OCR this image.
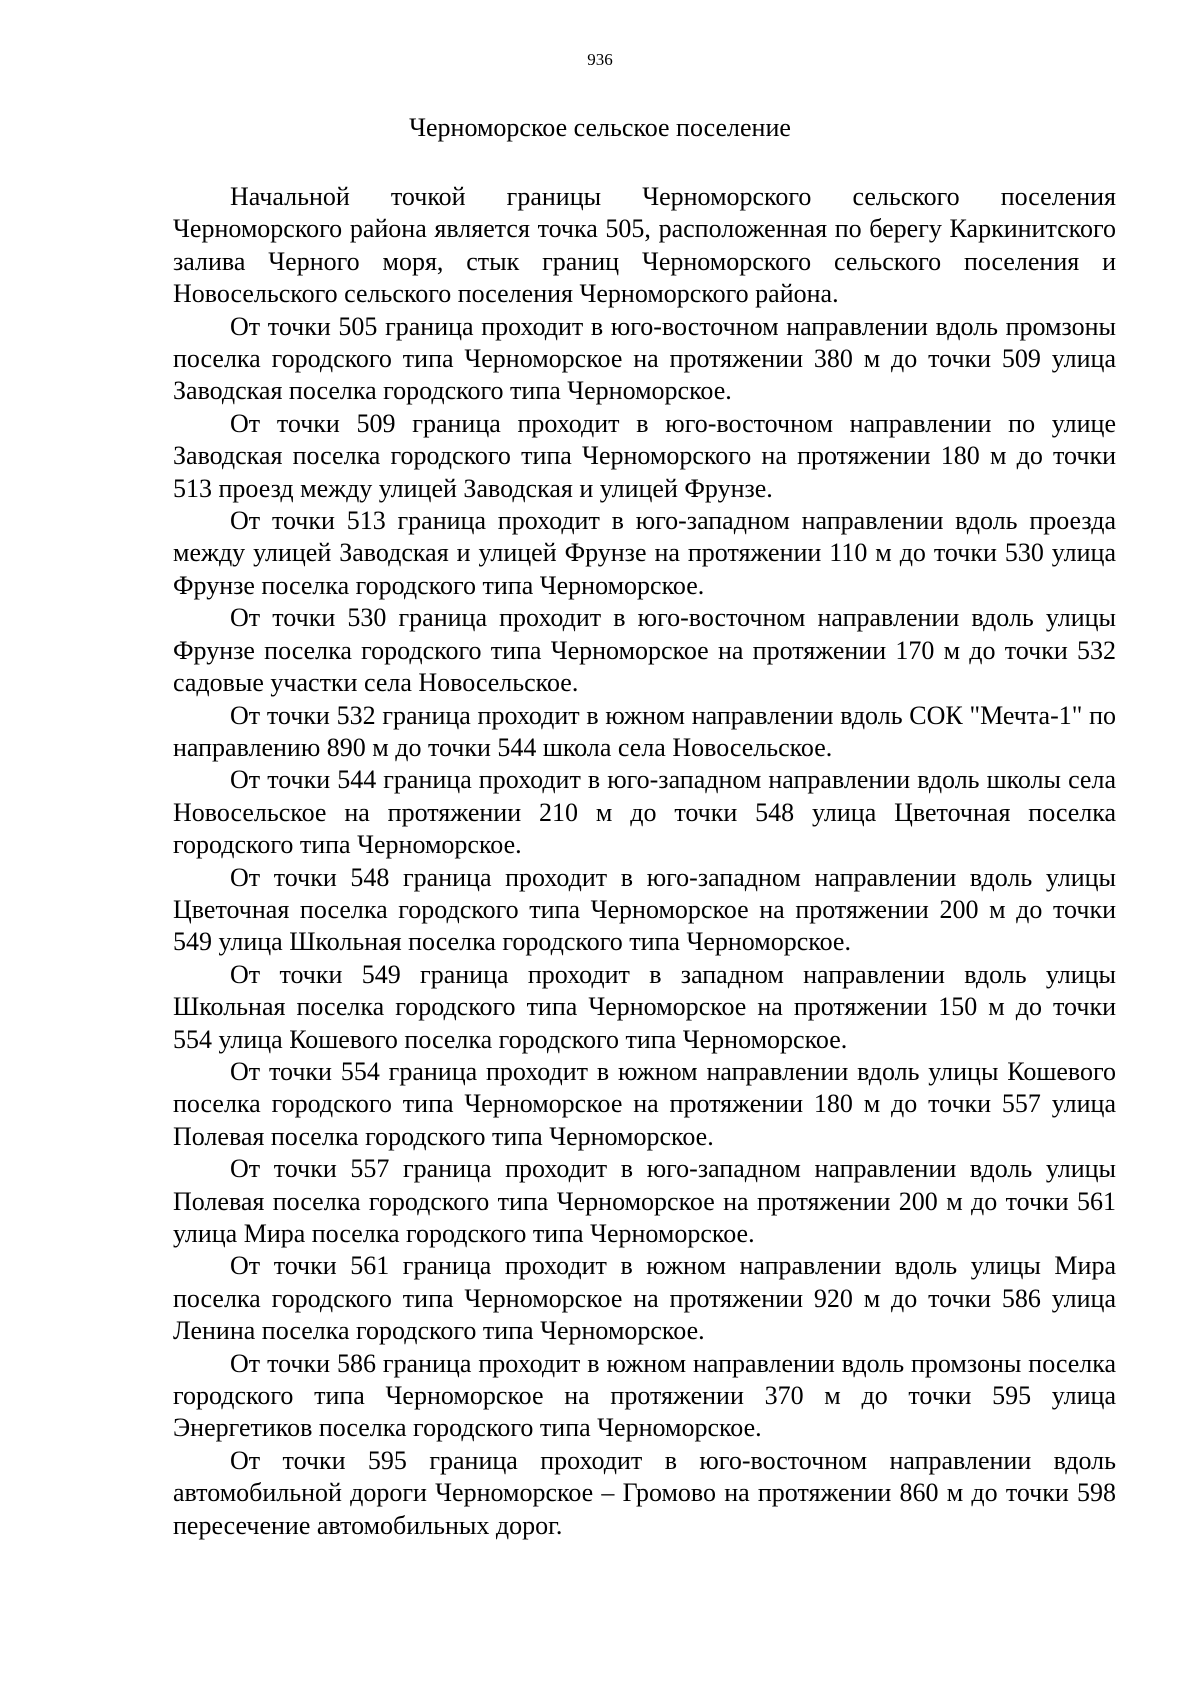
936
Черноморское сельское поселение

Начальной точкой границы Черноморского сельского поселения Черноморского района является точка 505, расположенная по берегу Каркинитского залива Черного моря, стык границ Черноморского сельского поселения и Новосельского сельского поселения Черноморского района.

От точки 505 граница проходит в юго-восточном направлении вдоль промзоны поселка городского типа Черноморское на протяжении 380 м до точки 509 улица Заводская поселка городского типа Черноморское.

От точки 509 граница проходит в юго-восточном направлении по улице Заводская поселка городского типа Черноморского на протяжении 180 м до точки 513 проезд между улицей Заводская и улицей Фрунзе.

От точки 513 граница проходит в юго-западном направлении вдоль проезда между улицей Заводская и улицей Фрунзе на протяжении 110 м до точки 530 улица Фрунзе поселка городского типа Черноморское.

От точки 530 граница проходит в юго-восточном направлении вдоль улицы Фрунзе поселка городского типа Черноморское на протяжении 170 м до точки 532 садовые участки села Новосельское.

От точки 532 граница проходит в южном направлении вдоль СОК "Мечта-1" по направлению 890 м до точки 544 школа села Новосельское.

От точки 544 граница проходит в юго-западном направлении вдоль школы села Новосельское на протяжении 210 м до точки 548 улица Цветочная поселка городского типа Черноморское.

От точки 548 граница проходит в юго-западном направлении вдоль улицы Цветочная поселка городского типа Черноморское на протяжении 200 м до точки 549 улица Школьная поселка городского типа Черноморское.

От точки 549 граница проходит в западном направлении вдоль улицы Школьная поселка городского типа Черноморское на протяжении 150 м до точки 554 улица Кошевого поселка городского типа Черноморское.

От точки 554 граница проходит в южном направлении вдоль улицы Кошевого поселка городского типа Черноморское на протяжении 180 м до точки 557 улица Полевая поселка городского типа Черноморское.

От точки 557 граница проходит в юго-западном направлении вдоль улицы Полевая поселка городского типа Черноморское на протяжении 200 м до точки 561 улица Мира поселка городского типа Черноморское.

От точки 561 граница проходит в южном направлении вдоль улицы Мира поселка городского типа Черноморское на протяжении 920 м до точки 586 улица Ленина поселка городского типа Черноморское.

От точки 586 граница проходит в южном направлении вдоль промзоны поселка городского типа Черноморское на протяжении 370 м до точки 595 улица Энергетиков поселка городского типа Черноморское.

От точки 595 граница проходит в юго-восточном направлении вдоль автомобильной дороги Черноморское – Громово на протяжении 860 м до точки 598 пересечение автомобильных дорог.
